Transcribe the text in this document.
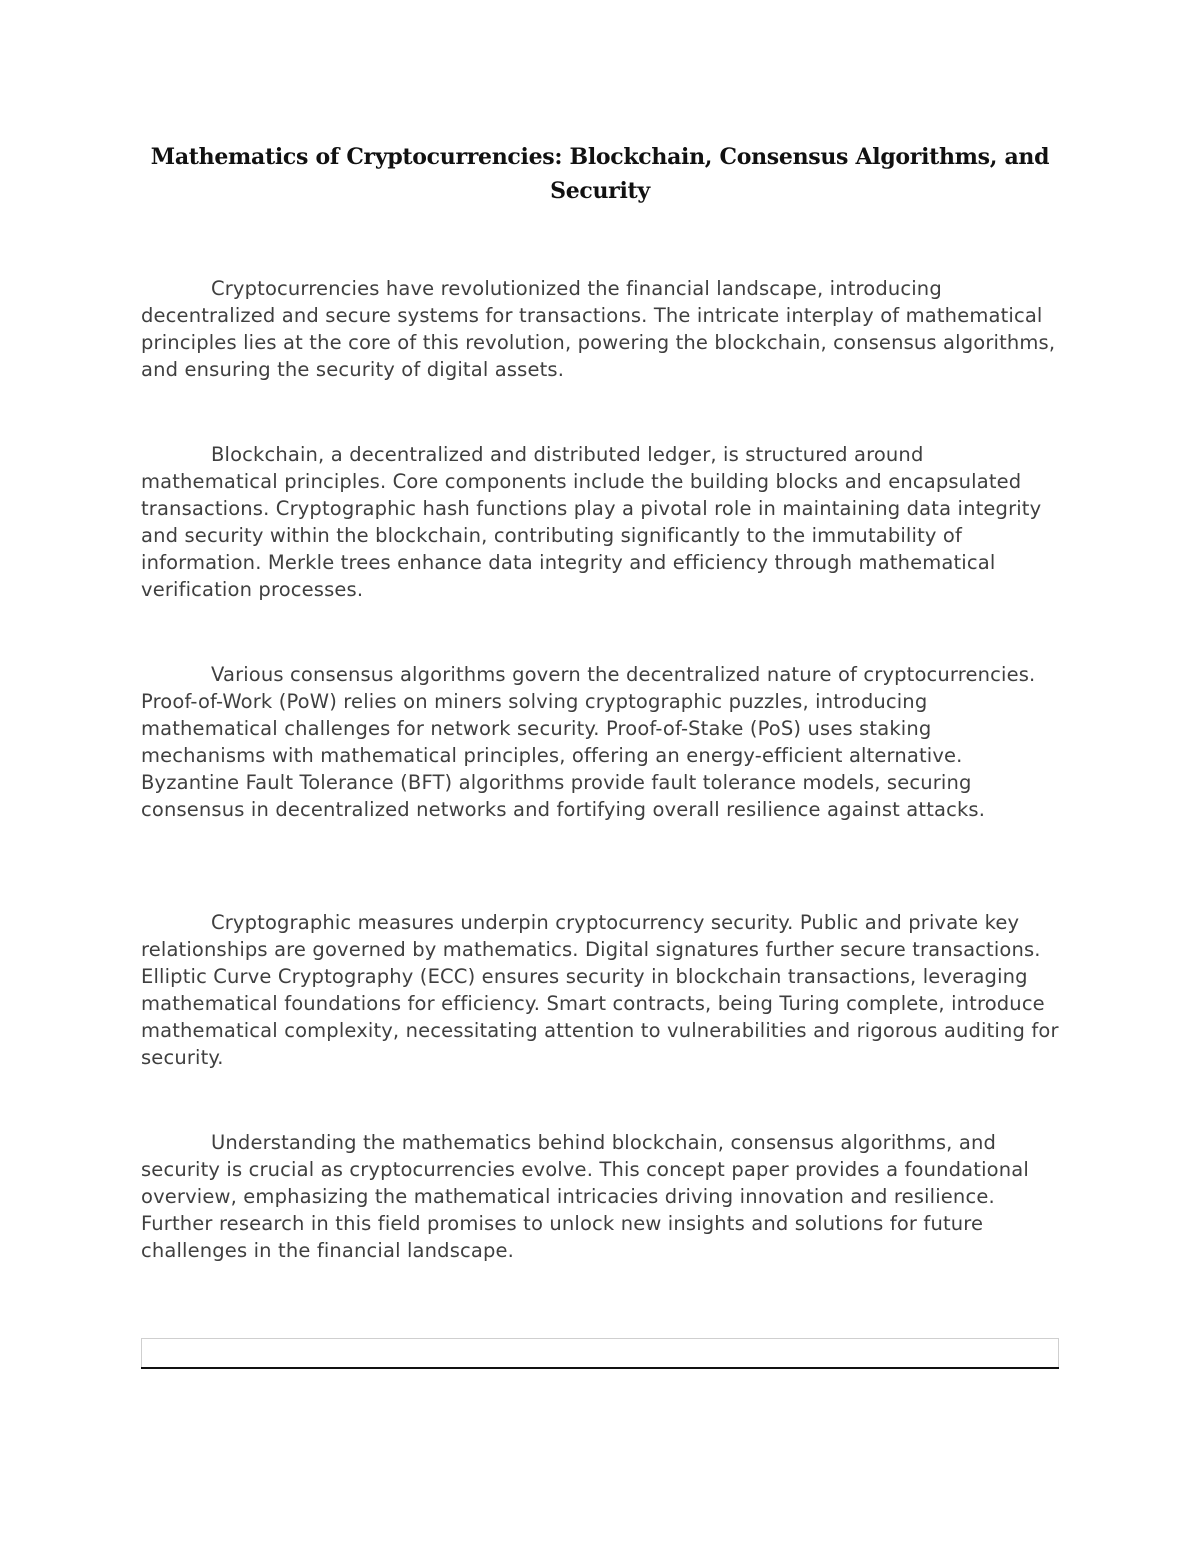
Mathematics of Cryptocurrencies: Blockchain, Consensus Algorithms, and Security

Cryptocurrencies have revolutionized the financial landscape, introducing decentralized and secure systems for transactions. The intricate interplay of mathematical principles lies at the core of this revolution, powering the blockchain, consensus algorithms, and ensuring the security of digital assets.

Blockchain, a decentralized and distributed ledger, is structured around mathematical principles. Core components include the building blocks and encapsulated transactions. Cryptographic hash functions play a pivotal role in maintaining data integrity and security within the blockchain, contributing significantly to the immutability of information. Merkle trees enhance data integrity and efficiency through mathematical verification processes.

Various consensus algorithms govern the decentralized nature of cryptocurrencies. Proof-of-Work (PoW) relies on miners solving cryptographic puzzles, introducing mathematical challenges for network security. Proof-of-Stake (PoS) uses staking mechanisms with mathematical principles, offering an energy-efficient alternative. Byzantine Fault Tolerance (BFT) algorithms provide fault tolerance models, securing consensus in decentralized networks and fortifying overall resilience against attacks.

Cryptographic measures underpin cryptocurrency security. Public and private key relationships are governed by mathematics. Digital signatures further secure transactions. Elliptic Curve Cryptography (ECC) ensures security in blockchain transactions, leveraging mathematical foundations for efficiency. Smart contracts, being Turing complete, introduce mathematical complexity, necessitating attention to vulnerabilities and rigorous auditing for security.

Understanding the mathematics behind blockchain, consensus algorithms, and security is crucial as cryptocurrencies evolve. This concept paper provides a foundational overview, emphasizing the mathematical intricacies driving innovation and resilience. Further research in this field promises to unlock new insights and solutions for future challenges in the financial landscape.
